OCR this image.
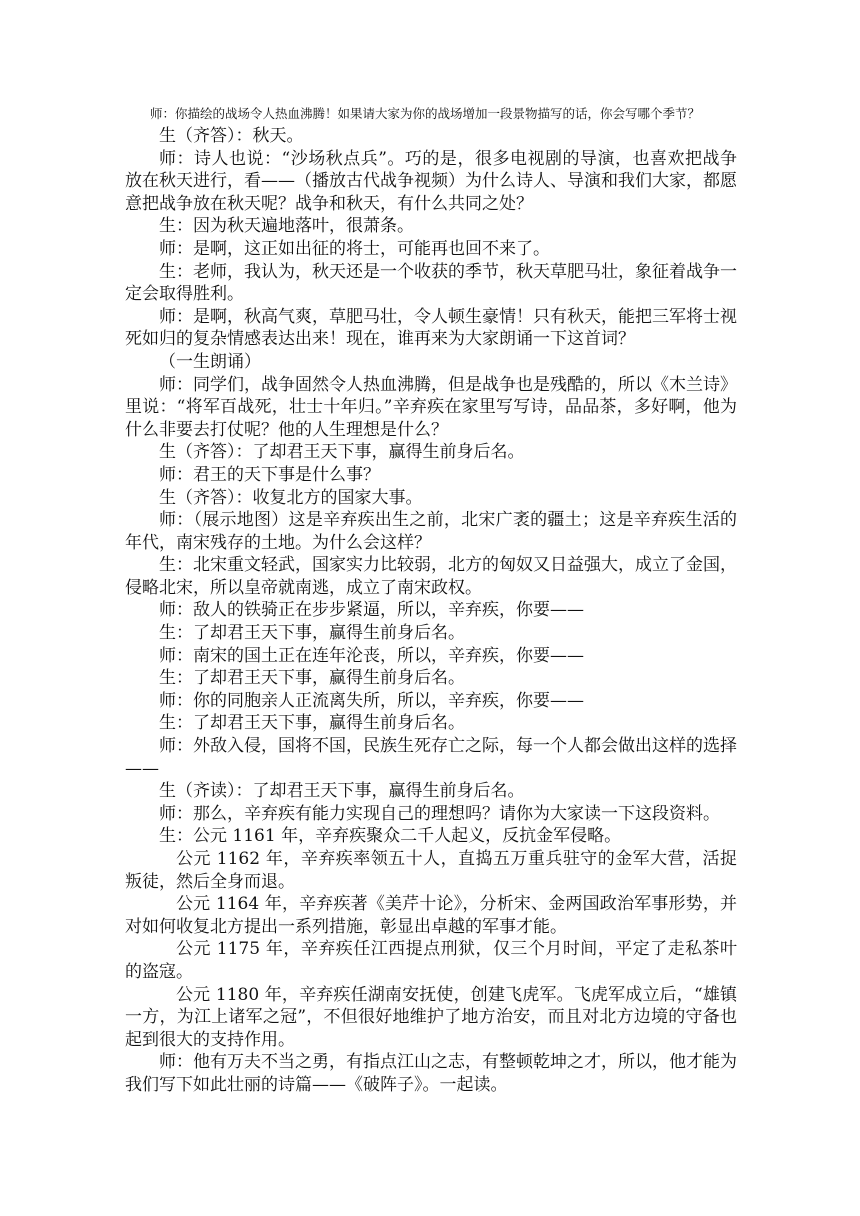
师：你描绘的战场令人热血沸腾！如果请大家为你的战场增加一段景物描写的话，你会写哪个季节？

生（齐答）：秋天。

师：诗人也说：“沙场秋点兵”。巧的是，很多电视剧的导演，也喜欢把战争放在秋天进行，看——（播放古代战争视频）为什么诗人、导演和我们大家，都愿意把战争放在秋天呢？战争和秋天，有什么共同之处？

生：因为秋天遍地落叶，很萧条。

师：是啊，这正如出征的将士，可能再也回不来了。

生：老师，我认为，秋天还是一个收获的季节，秋天草肥马壮，象征着战争一定会取得胜利。

师：是啊，秋高气爽，草肥马壮，令人顿生豪情！只有秋天，能把三军将士视死如归的复杂情感表达出来！现在，谁再来为大家朗诵一下这首词？

（一生朗诵）

师：同学们，战争固然令人热血沸腾，但是战争也是残酷的，所以《木兰诗》里说：“将军百战死，壮士十年归。”辛弃疾在家里写写诗，品品茶，多好啊，他为什么非要去打仗呢？他的人生理想是什么？

生（齐答）：了却君王天下事，赢得生前身后名。

师：君王的天下事是什么事？

生（齐答）：收复北方的国家大事。

师：（展示地图）这是辛弃疾出生之前，北宋广袤的疆土；这是辛弃疾生活的年代，南宋残存的土地。为什么会这样？

生：北宋重文轻武，国家实力比较弱，北方的匈奴又日益强大，成立了金国，侵略北宋，所以皇帝就南逃，成立了南宋政权。

师：敌人的铁骑正在步步紧逼，所以，辛弃疾，你要——

生：了却君王天下事，赢得生前身后名。

师：南宋的国土正在连年沦丧，所以，辛弃疾，你要——

生：了却君王天下事，赢得生前身后名。

师：你的同胞亲人正流离失所，所以，辛弃疾，你要——

生：了却君王天下事，赢得生前身后名。

师：外敌入侵，国将不国，民族生死存亡之际，每一个人都会做出这样的选择——

生（齐读）：了却君王天下事，赢得生前身后名。

师：那么，辛弃疾有能力实现自己的理想吗？请你为大家读一下这段资料。

生：公元 1161 年，辛弃疾聚众二千人起义，反抗金军侵略。

公元 1162 年，辛弃疾率领五十人，直捣五万重兵驻守的金军大营，活捉叛徒，然后全身而退。

公元 1164 年，辛弃疾著《美芹十论》，分析宋、金两国政治军事形势，并对如何收复北方提出一系列措施，彰显出卓越的军事才能。

公元 1175 年，辛弃疾任江西提点刑狱，仅三个月时间，平定了走私茶叶的盗寇。

公元 1180 年，辛弃疾任湖南安抚使，创建飞虎军。飞虎军成立后，“雄镇一方，为江上诸军之冠”，不但很好地维护了地方治安，而且对北方边境的守备也起到很大的支持作用。

师：他有万夫不当之勇，有指点江山之志，有整顿乾坤之才，所以，他才能为我们写下如此壮丽的诗篇——《破阵子》。一起读。
